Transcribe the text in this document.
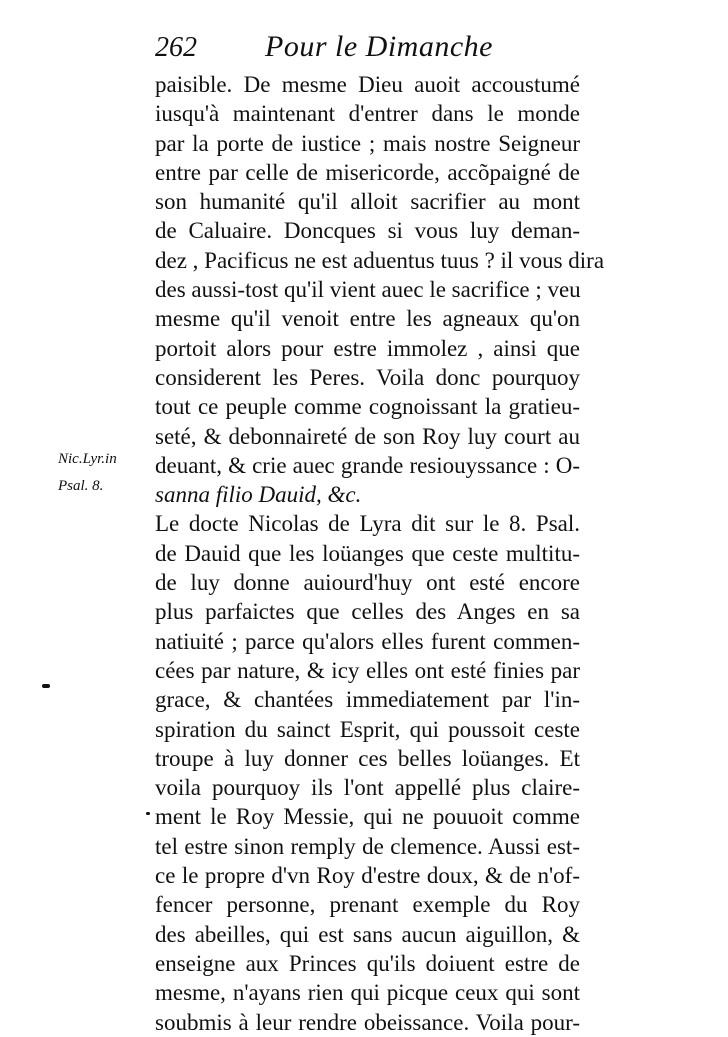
262 Pour le Dimanche
Nic.Lyr.in
Psal. 8.
paisible. De mesme Dieu auoit accoustumé
iusqu'à maintenant d'entrer dans le monde
par la porte de iustice ; mais nostre Seigneur
entre par celle de misericorde, accõpaigné de
son humanité qu'il alloit sacrifier au mont
de Caluaire. Doncques si vous luy deman-
dez , Pacificus ne est aduentus tuus ? il vous dira
des aussi-tost qu'il vient auec le sacrifice ; veu
mesme qu'il venoit entre les agneaux qu'on
portoit alors pour estre immolez , ainsi que
considerent les Peres. Voila donc pourquoy
tout ce peuple comme cognoissant la gratieu-
seté, & debonnaireté de son Roy luy court au
deuant, & crie auec grande resiouyssance : O-
sanna filio Dauid, &c.
Le docte Nicolas de Lyra dit sur le 8. Psal.
de Dauid que les loüanges que ceste multitu-
de luy donne auiourd'huy ont esté encore
plus parfaictes que celles des Anges en sa
natiuité ; parce qu'alors elles furent commen-
cées par nature, & icy elles ont esté finies par
grace, & chantées immediatement par l'in-
spiration du sainct Esprit, qui poussoit ceste
troupe à luy donner ces belles loüanges. Et
voila pourquoy ils l'ont appellé plus claire-
ment le Roy Messie, qui ne pouuoit comme
tel estre sinon remply de clemence. Aussi est-
ce le propre d'vn Roy d'estre doux, & de n'of-
fencer personne, prenant exemple du Roy
des abeilles, qui est sans aucun aiguillon, &
enseigne aux Princes qu'ils doiuent estre de
mesme, n'ayans rien qui picque ceux qui sont
soubmis à leur rendre obeissance. Voila pour-
